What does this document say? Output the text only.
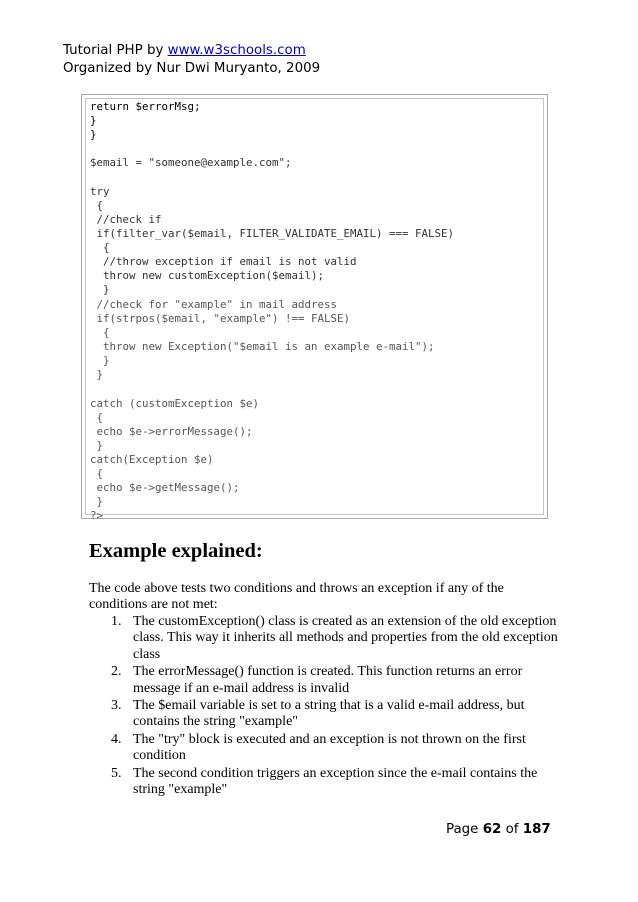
Tutorial PHP by www.w3schools.com
Organized by Nur Dwi Muryanto, 2009
return $errorMsg;
}
}
$email = "someone@example.com";
try
{
//check if
if(filter_var($email, FILTER_VALIDATE_EMAIL) === FALSE)
{
//throw exception if email is not valid
throw new customException($email);
}
//check for "example" in mail address
if(strpos($email, "example") !== FALSE)
{
throw new Exception("$email is an example e-mail");
}
}
catch (customException $e)
{
echo $e->errorMessage();
}
catch(Exception $e)
{
echo $e->getMessage();
}
?>
Example explained:
The code above tests two conditions and throws an exception if any of the conditions are not met:
1. The customException() class is created as an extension of the old exception class. This way it inherits all methods and properties from the old exception class
2. The errorMessage() function is created. This function returns an error message if an e-mail address is invalid
3. The $email variable is set to a string that is a valid e-mail address, but contains the string "example"
4. The "try" block is executed and an exception is not thrown on the first condition
5. The second condition triggers an exception since the e-mail contains the string "example"
Page 62 of 187
